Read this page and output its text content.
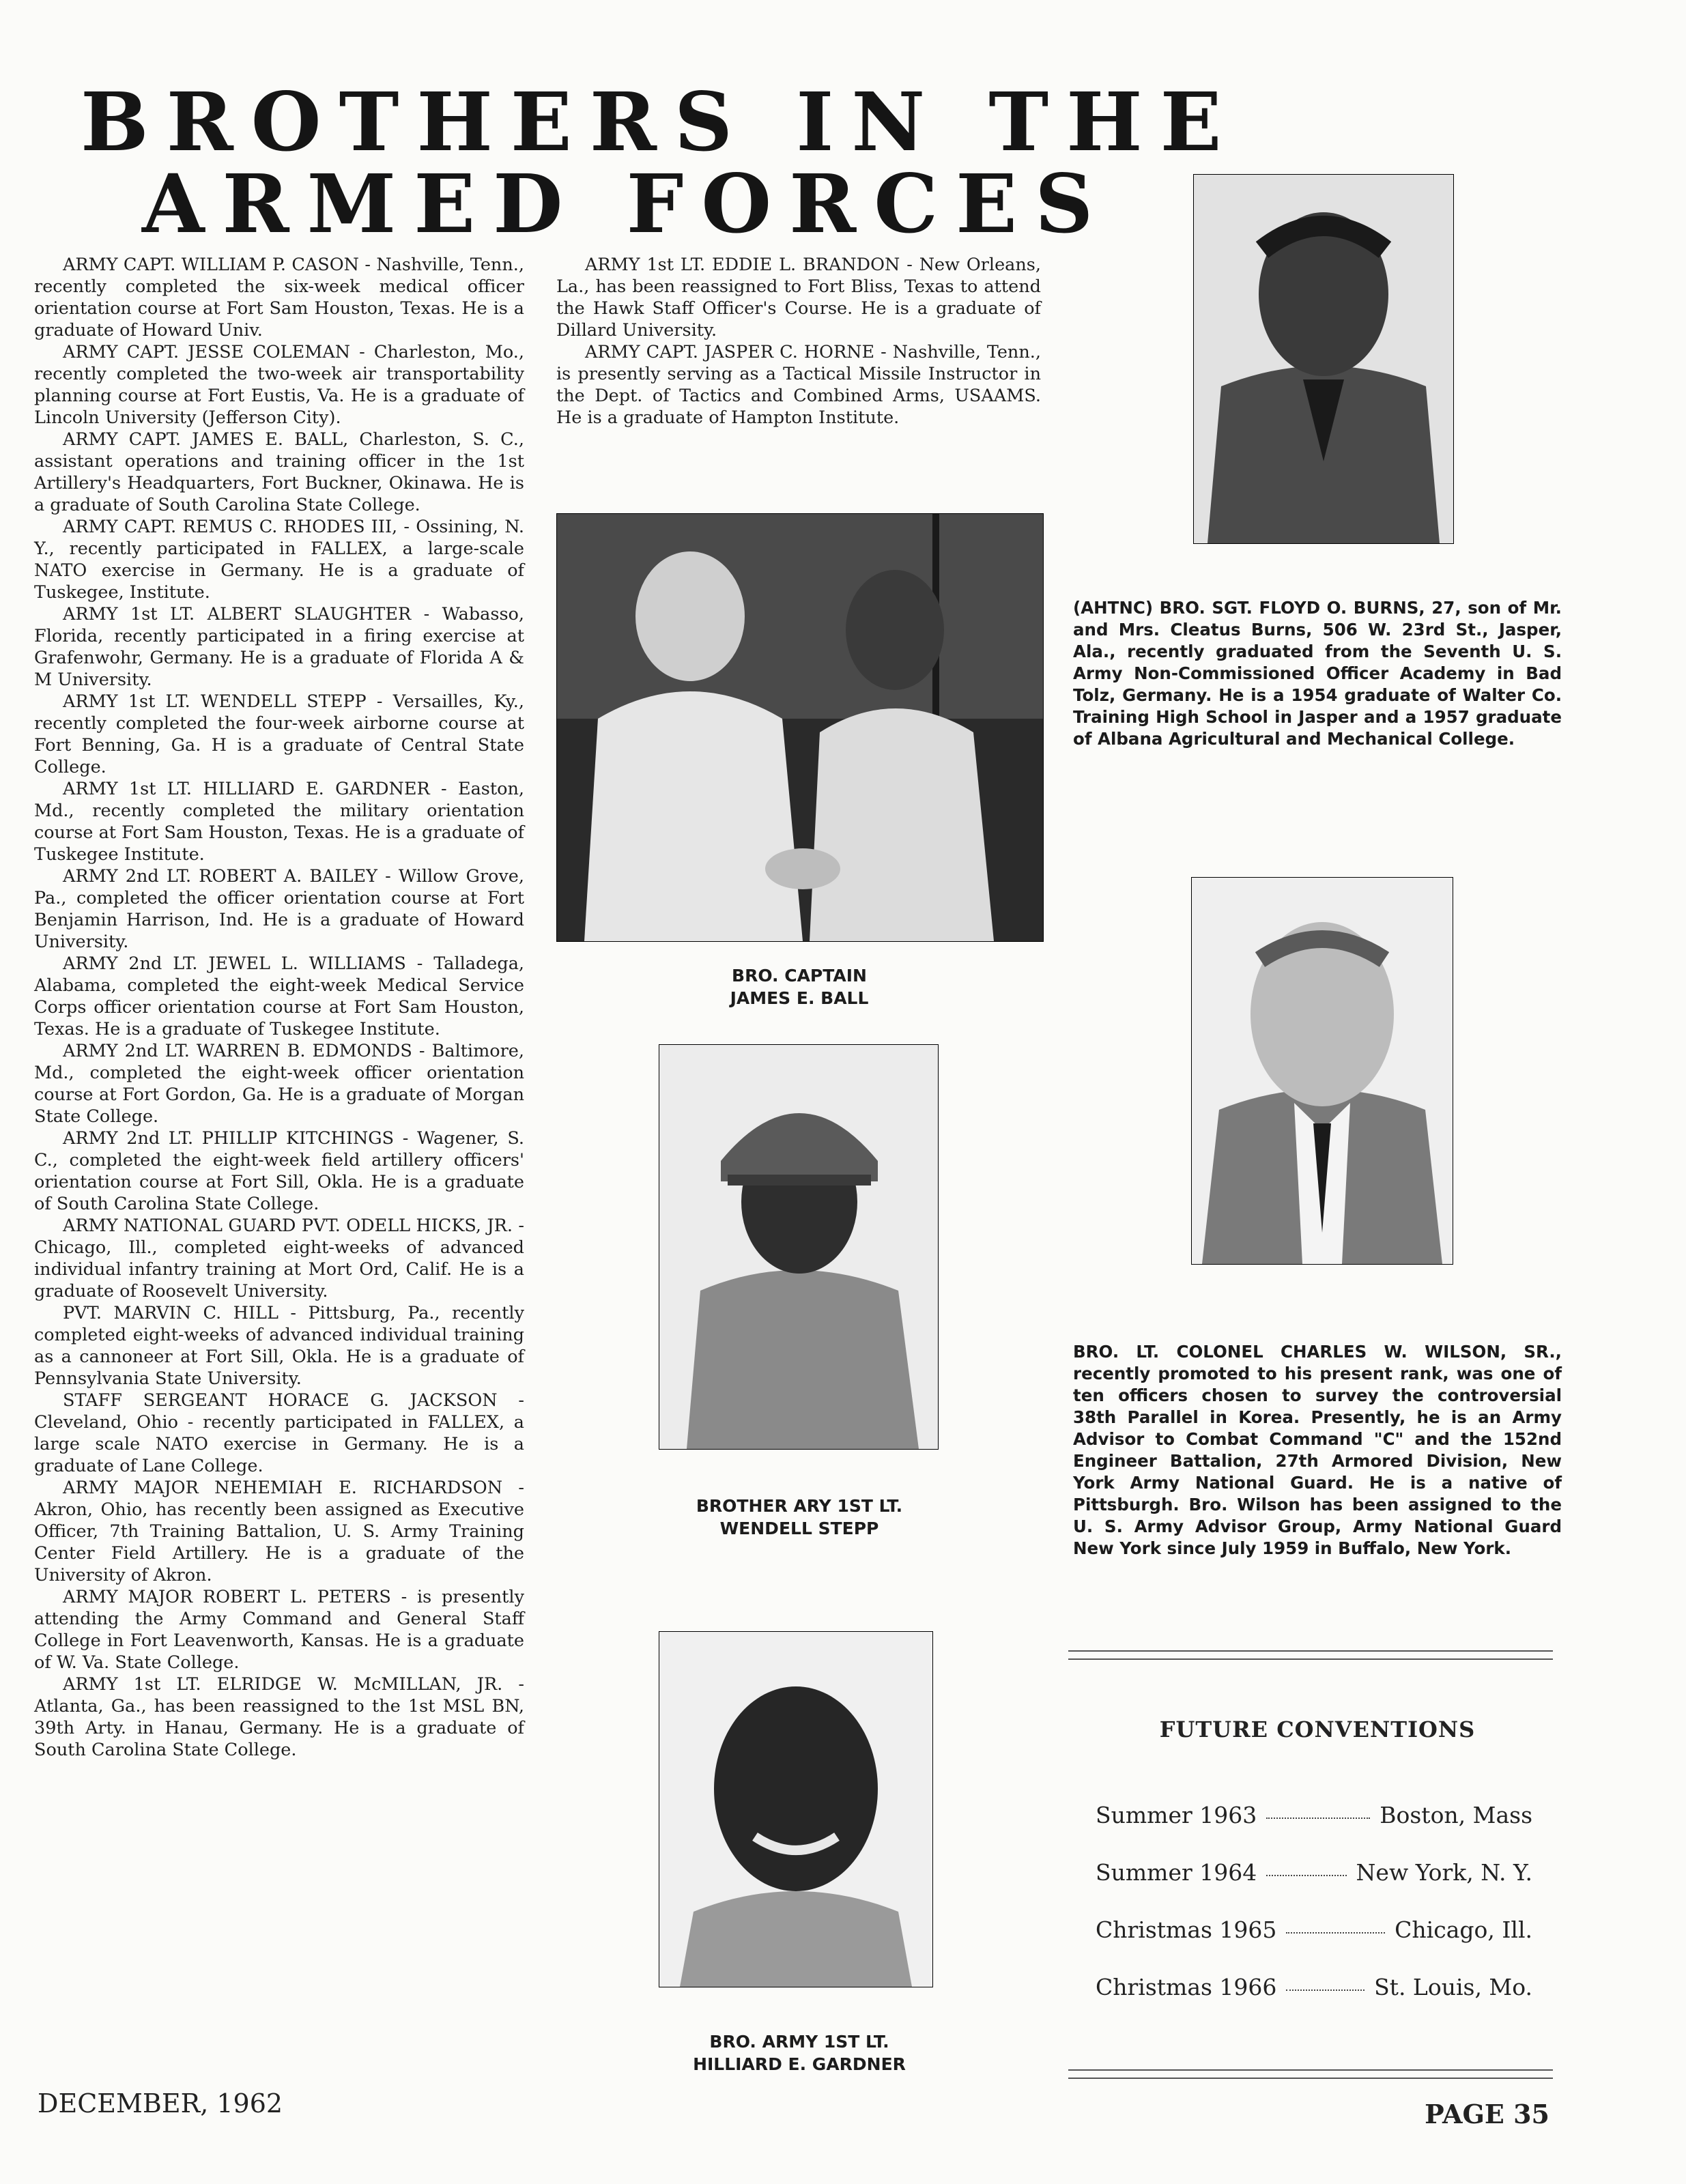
BROTHERS IN THE
ARMED FORCES

ARMY CAPT. WILLIAM P. CASON - Nashville, Tenn., recently completed the six-week medical officer orientation course at Fort Sam Houston, Texas. He is a graduate of Howard Univ.

ARMY CAPT. JESSE COLEMAN - Charleston, Mo., recently completed the two-week air transportability planning course at Fort Eustis, Va. He is a graduate of Lincoln University (Jefferson City).

ARMY CAPT. JAMES E. BALL, Charleston, S. C., assistant operations and training officer in the 1st Artillery's Headquarters, Fort Buckner, Okinawa. He is a graduate of South Carolina State College.

ARMY CAPT. REMUS C. RHODES III, - Ossining, N. Y., recently participated in FALLEX, a large-scale NATO exercise in Germany. He is a graduate of Tuskegee, Institute.

ARMY 1st LT. ALBERT SLAUGHTER - Wabasso, Florida, recently participated in a firing exercise at Grafenwohr, Germany. He is a graduate of Florida A & M University.

ARMY 1st LT. WENDELL STEPP - Versailles, Ky., recently completed the four-week airborne course at Fort Benning, Ga. H is a graduate of Central State College.

ARMY 1st LT. HILLIARD E. GARDNER - Easton, Md., recently completed the military orientation course at Fort Sam Houston, Texas. He is a graduate of Tuskegee Institute.

ARMY 2nd LT. ROBERT A. BAILEY - Willow Grove, Pa., completed the officer orientation course at Fort Benjamin Harrison, Ind. He is a graduate of Howard University.

ARMY 2nd LT. JEWEL L. WILLIAMS - Talladega, Alabama, completed the eight-week Medical Service Corps officer orientation course at Fort Sam Houston, Texas. He is a graduate of Tuskegee Institute.

ARMY 2nd LT. WARREN B. EDMONDS - Baltimore, Md., completed the eight-week officer orientation course at Fort Gordon, Ga. He is a graduate of Morgan State College.

ARMY 2nd LT. PHILLIP KITCHINGS - Wagener, S. C., completed the eight-week field artillery officers' orientation course at Fort Sill, Okla. He is a graduate of South Carolina State College.

ARMY NATIONAL GUARD PVT. ODELL HICKS, JR. - Chicago, Ill., completed eight-weeks of advanced individual infantry training at Mort Ord, Calif. He is a graduate of Roosevelt University.

PVT. MARVIN C. HILL - Pittsburg, Pa., recently completed eight-weeks of advanced individual training as a cannoneer at Fort Sill, Okla. He is a graduate of Pennsylvania State University.

STAFF SERGEANT HORACE G. JACKSON - Cleveland, Ohio - recently participated in FALLEX, a large scale NATO exercise in Germany. He is a graduate of Lane College.

ARMY MAJOR NEHEMIAH E. RICHARDSON - Akron, Ohio, has recently been assigned as Executive Officer, 7th Training Battalion, U. S. Army Training Center Field Artillery. He is a graduate of the University of Akron.

ARMY MAJOR ROBERT L. PETERS - is presently attending the Army Command and General Staff College in Fort Leavenworth, Kansas. He is a graduate of W. Va. State College.

ARMY 1st LT. ELRIDGE W. McMILLAN, JR. - Atlanta, Ga., has been reassigned to the 1st MSL BN, 39th Arty. in Hanau, Germany. He is a graduate of South Carolina State College.

ARMY 1st LT. EDDIE L. BRANDON - New Orleans, La., has been reassigned to Fort Bliss, Texas to attend the Hawk Staff Officer's Course. He is a graduate of Dillard University.

ARMY CAPT. JASPER C. HORNE - Nashville, Tenn., is presently serving as a Tactical Missile Instructor in the Dept. of Tactics and Combined Arms, USAAMS. He is a graduate of Hampton Institute.

BRO. CAPTAIN

JAMES E. BALL

BROTHER ARY 1ST LT.

WENDELL STEPP

BRO. ARMY 1ST LT.

HILLIARD E. GARDNER

(AHTNC) BRO. SGT. FLOYD O. BURNS, 27, son of Mr. and Mrs. Cleatus Burns, 506 W. 23rd St., Jasper, Ala., recently graduated from the Seventh U. S. Army Non-Commissioned Officer Academy in Bad Tolz, Germany. He is a 1954 graduate of Walter Co. Training High School in Jasper and a 1957 graduate of Albana Agricultural and Mechanical College.

BRO. LT. COLONEL CHARLES W. WILSON, SR., recently promoted to his present rank, was one of ten officers chosen to survey the controversial 38th Parallel in Korea. Presently, he is an Army Advisor to Combat Command "C" and the 152nd Engineer Battalion, 27th Armored Division, New York Army National Guard. He is a native of Pittsburgh. Bro. Wilson has been assigned to the U. S. Army Advisor Group, Army National Guard New York since July 1959 in Buffalo, New York.

FUTURE CONVENTIONS
Summer 1963	Boston, Mass
Summer 1964	New York, N. Y.
Christmas 1965	Chicago, Ill.
Christmas 1966	St. Louis, Mo.

DECEMBER, 1962	PAGE 35
